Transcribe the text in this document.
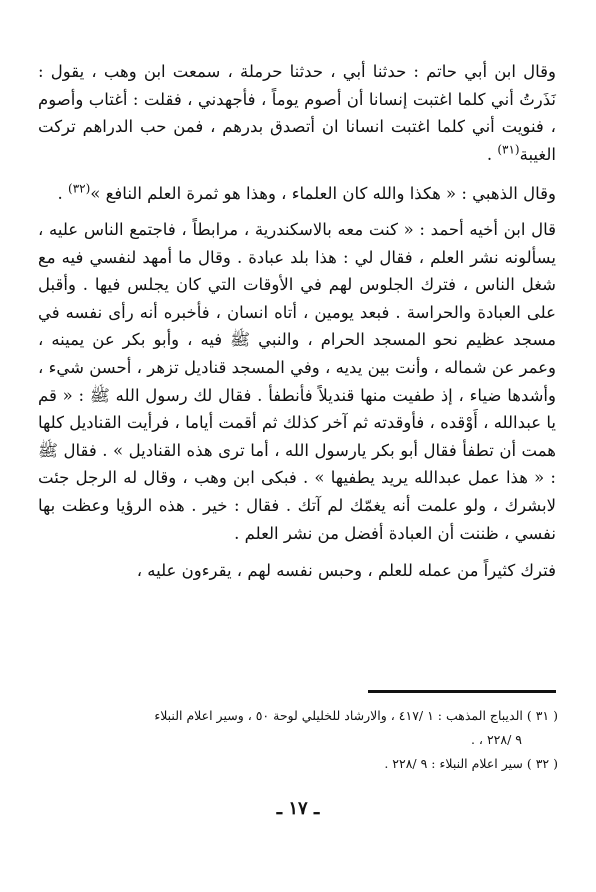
وقال ابن أبي حاتم : حدثنا أبي ، حدثنا حرملة ، سمعت ابن وهب ، يقول : نَذَرتُ أني كلما اغتبت إنسانا أن أصوم يوماً ، فأجهدني ، فقلت : أغتاب وأصوم ، فنويت أني كلما اغتبت انسانا ان أتصدق بدرهم ، فمن حب الدراهم تركت الغيبة$^{(٣١)}$ .

وقال الذهبي : « هكذا والله كان العلماء ، وهذا هو ثمرة العلم النافع »$^{(٣٢)}$ .

قال ابن أخيه أحمد : « كنت معه بالاسكندرية ، مرابطاً ، فاجتمع الناس عليه ، يسألونه نشر العلم ، فقال لي : هذا بلد عبادة . وقال ما أمهد لنفسي فيه مع شغل الناس ، فترك الجلوس لهم في الأوقات التي كان يجلس فيها . وأقبل على العبادة والحراسة . فبعد يومين ، أتاه انسان ، فأخبره أنه رأى نفسه في مسجد عظيم نحو المسجد الحرام ، والنبي ﷺ فيه ، وأبو بكر عن يمينه ، وعمر عن شماله ، وأنت بين يديه ، وفي المسجد قناديل تزهر ، أحسن شيء ، وأشدها ضياء ، إذ طفيت منها قنديلاً فأنطفأ . فقال لك رسول الله ﷺ : « قم يا عبدالله ، أَوْقده ، فأوقدته ثم آخر كذلك ثم أقمت أياما ، فرأيت القناديل كلها همت أن تطفأ فقال أبو بكر يارسول الله ، أما ترى هذه القناديل » . فقال ﷺ : « هذا عمل عبدالله يريد يطفيها » . فبكى ابن وهب ، وقال له الرجل جئت لابشرك ، ولو علمت أنه يغمّك لم آتك . فقال : خير . هذه الرؤيا وعظت بها نفسي ، ظننت أن العبادة أفضل من نشر العلم .

فترك كثيراً من عمله للعلم ، وحبس نفسه لهم ، يقرءون عليه ،

( ٣١ ) الديباج المذهب : ١ /٤١٧ ، والارشاد للخليلي لوحة ٥٠ ، وسير اعلام النبلاء

٩ /٢٢٨ ، .

( ٣٢ ) سير اعلام النبلاء : ٩ /٢٢٨ .

ـ ١٧ ـ
